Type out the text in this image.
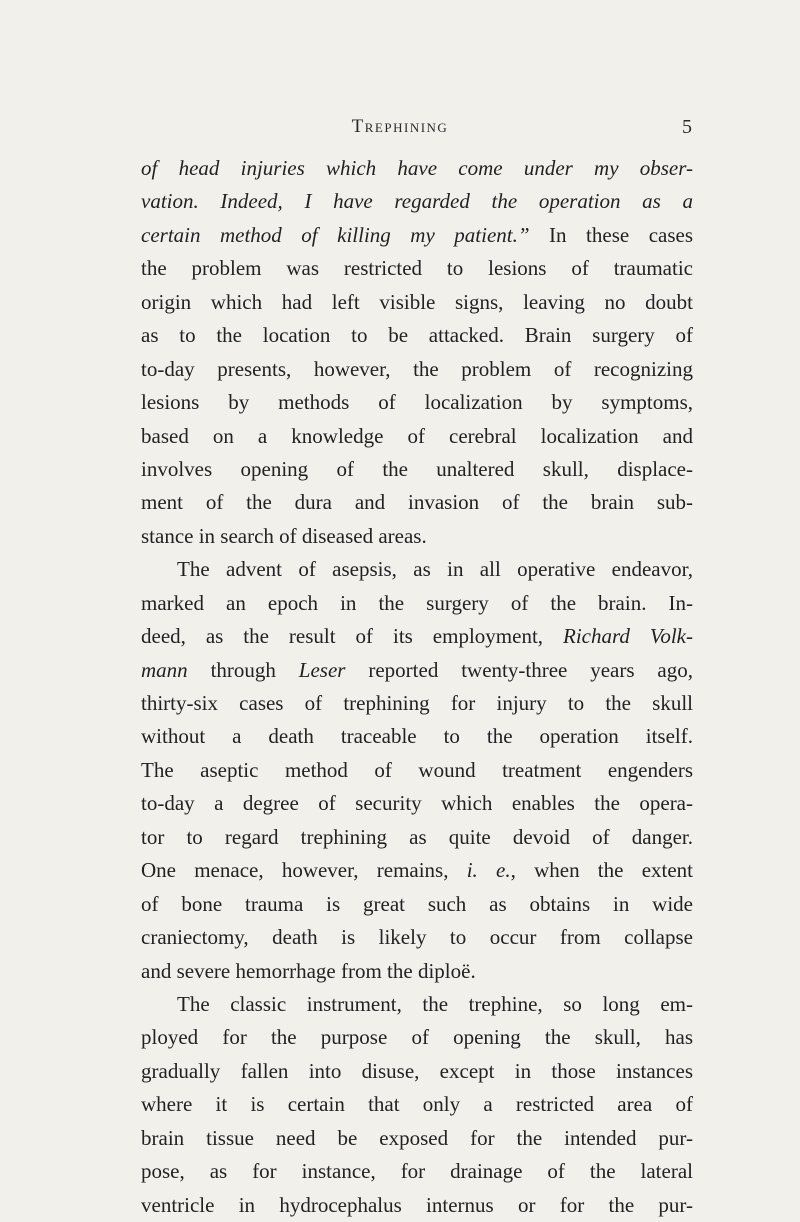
Trephining	5
of head injuries which have come under my obser-
vation. Indeed, I have regarded the operation as a
certain method of killing my patient.” In these cases
the problem was restricted to lesions of traumatic
origin which had left visible signs, leaving no doubt
as to the location to be attacked. Brain surgery of
to-day presents, however, the problem of recognizing
lesions by methods of localization by symptoms,
based on a knowledge of cerebral localization and
involves opening of the unaltered skull, displace-
ment of the dura and invasion of the brain sub-
stance in search of diseased areas.
The advent of asepsis, as in all operative endeavor,
marked an epoch in the surgery of the brain. In-
deed, as the result of its employment, Richard Volk-
mann through Leser reported twenty-three years ago,
thirty-six cases of trephining for injury to the skull
without a death traceable to the operation itself.
The aseptic method of wound treatment engenders
to-day a degree of security which enables the opera-
tor to regard trephining as quite devoid of danger.
One menace, however, remains, i. e., when the extent
of bone trauma is great such as obtains in wide
craniectomy, death is likely to occur from collapse
and severe hemorrhage from the diploë.
The classic instrument, the trephine, so long em-
ployed for the purpose of opening the skull, has
gradually fallen into disuse, except in those instances
where it is certain that only a restricted area of
brain tissue need be exposed for the intended pur-
pose, as for instance, for drainage of the lateral
ventricle in hydrocephalus internus or for the pur-
